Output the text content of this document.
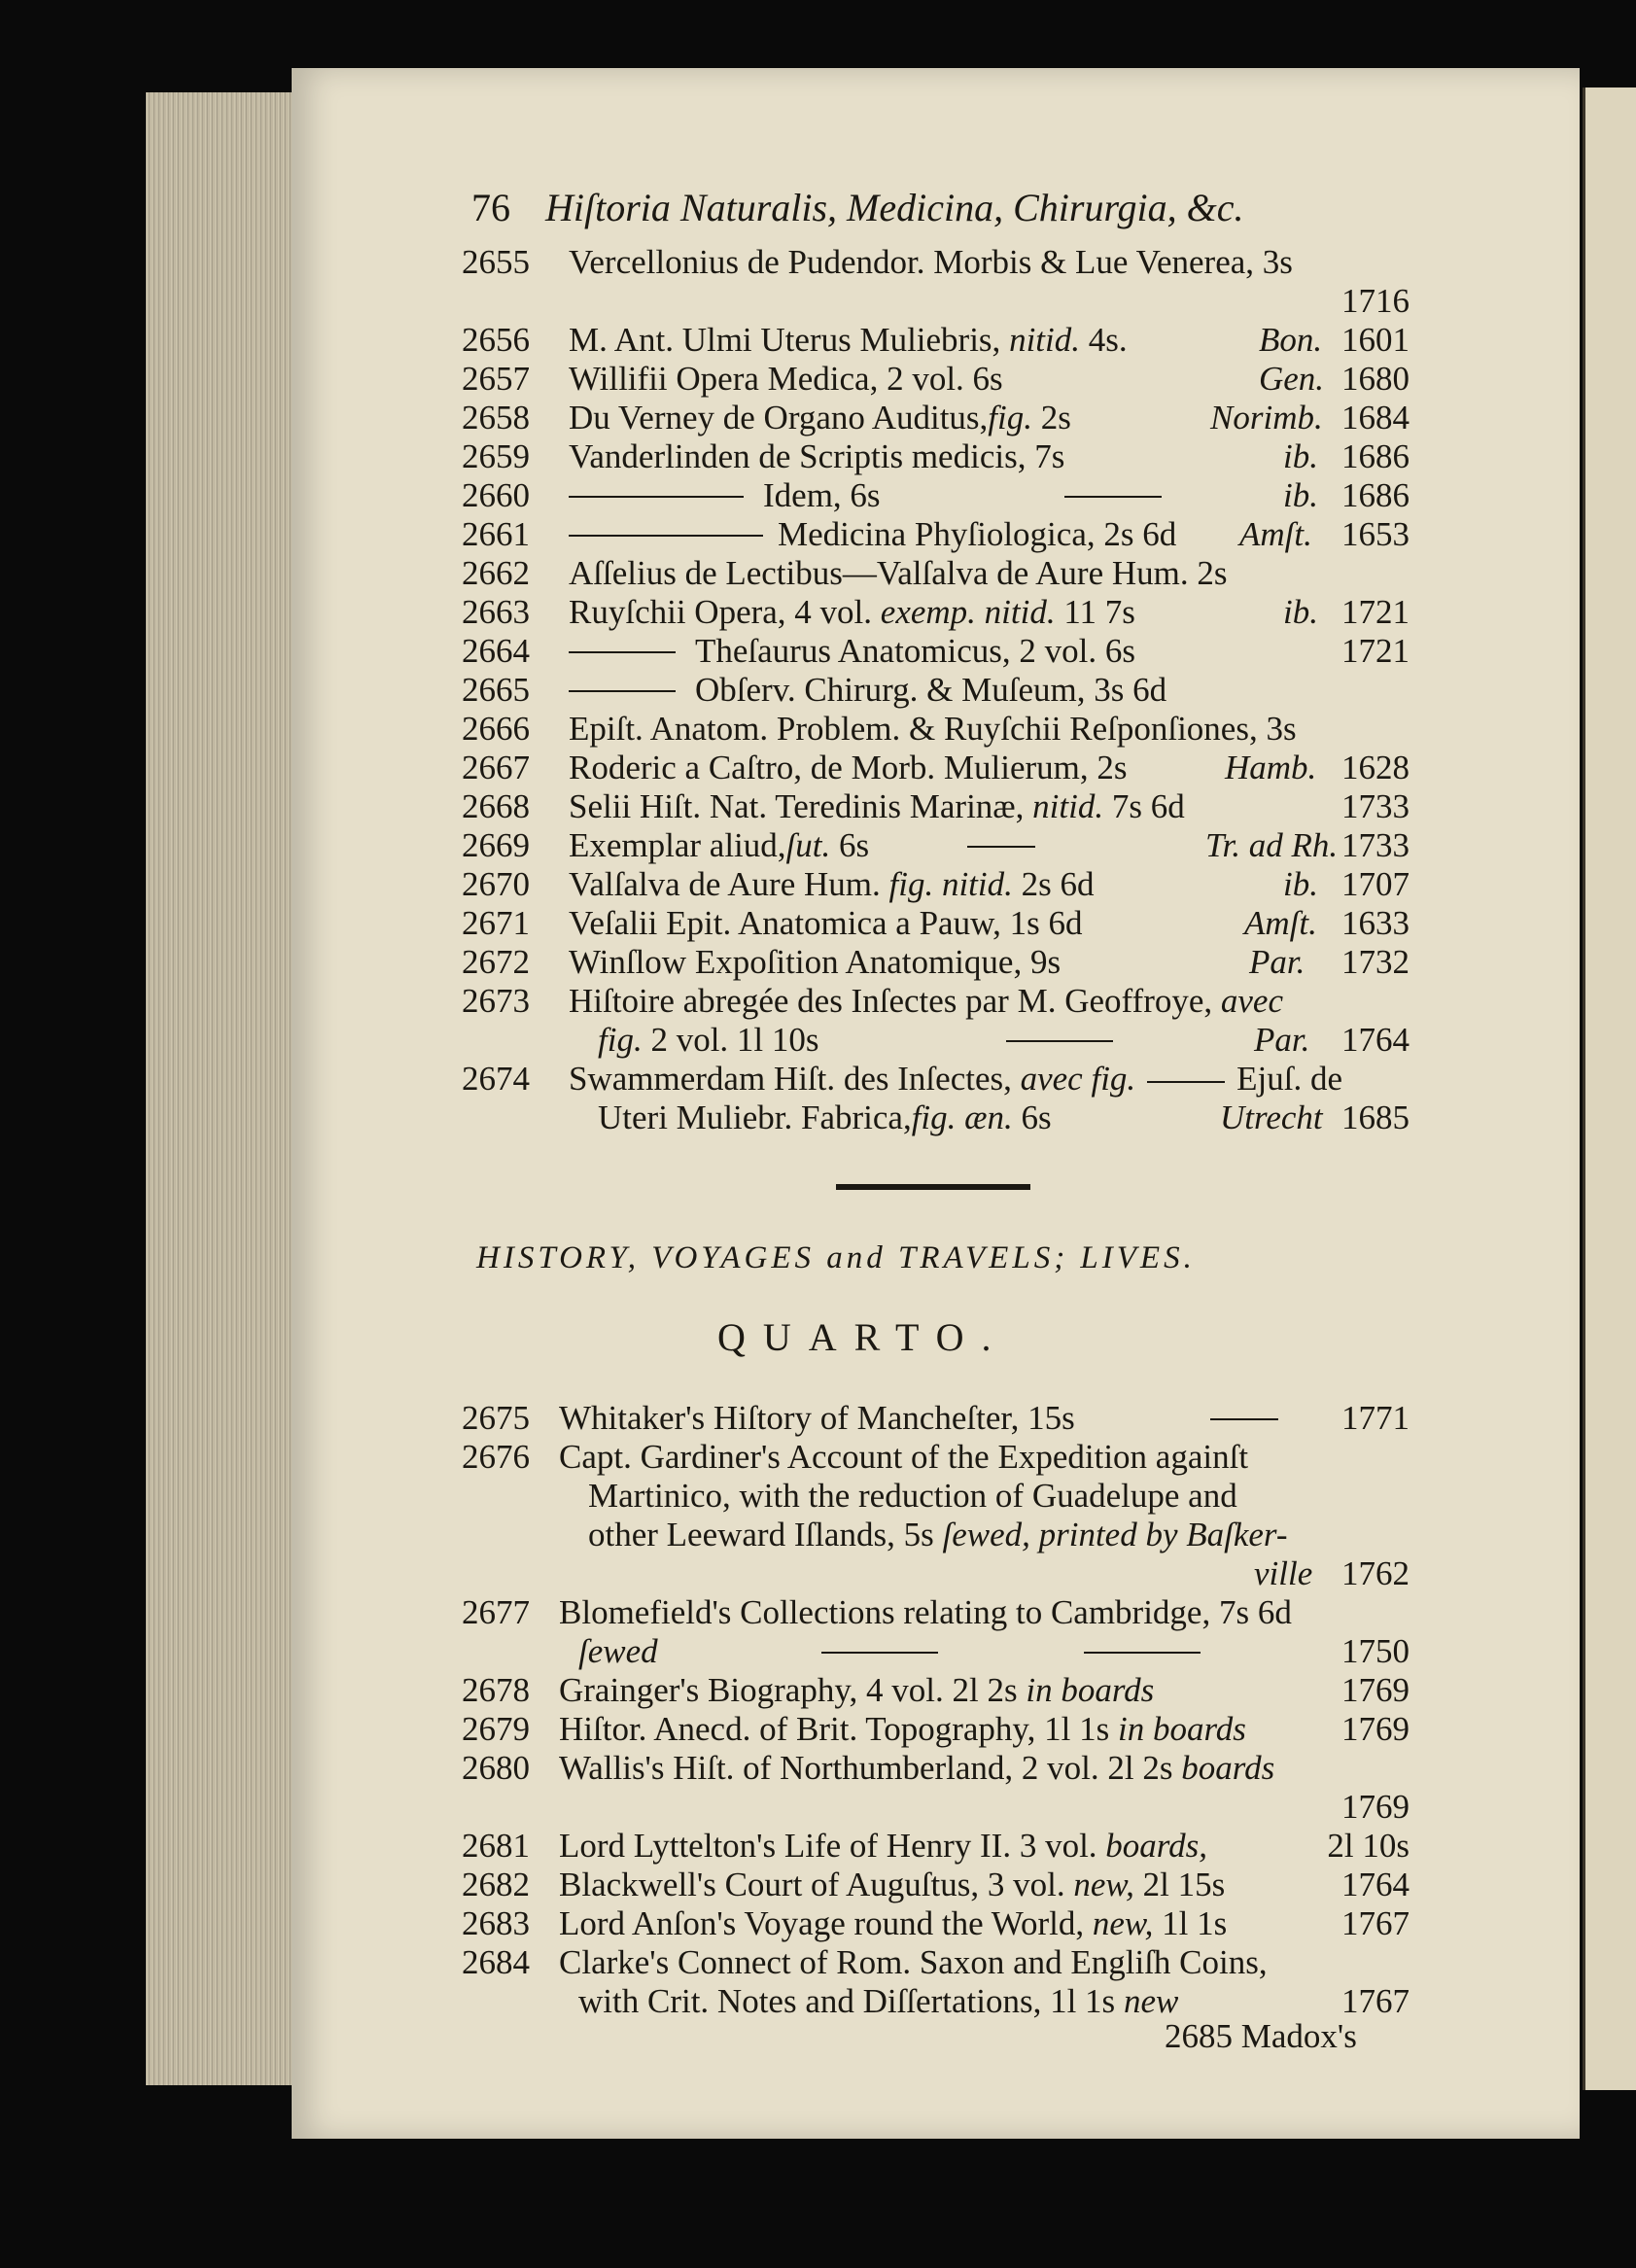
76 Hiſtoria Naturalis, Medicina, Chirurgia, &c.
2655 Vercellonius de Pudendor. Morbis & Lue Venerea, 3s
1716
2656 M. Ant. Ulmi Uterus Muliebris, nitid. 4s.	Bon. 1601
2657 Willifii Opera Medica, 2 vol. 6s	Gen. 1680
2658 Du Verney de Organo Auditus,fig. 2s	Norimb. 1684
2659 Vanderlinden de Scriptis medicis, 7s	ib. 1686
2660	Idem, 6s	ib. 1686
2661	Medicina Phyſiologica, 2s 6d Amſt. 1653
2662 Aſſelius de Lectibus—Valſalva de Aure Hum. 2s
2663 Ruyſchii Opera, 4 vol. exemp. nitid. 11 7s	ib. 1721
2664	Theſaurus Anatomicus, 2 vol. 6s	1721
2665	Obſerv. Chirurg. & Muſeum, 3s 6d
2666 Epiſt. Anatom. Problem. & Ruyſchii Reſponſiones, 3s
2667 Roderic a Caſtro, de Morb. Mulierum, 2s	Hamb. 1628
2668 Selii Hiſt. Nat. Teredinis Marinæ, nitid. 7s 6d	1733
2669 Exemplar aliud,ſut. 6s	Tr. ad Rh. 1733
2670 Valſalva de Aure Hum. fig. nitid. 2s 6d	ib. 1707
2671 Veſalii Epit. Anatomica a Pauw, 1s 6d	Amſt. 1633
2672 Winſlow Expoſition Anatomique, 9s	Par. 1732
2673 Hiſtoire abregée des Inſectes par M. Geoffroye, avec
fig. 2 vol. 1l 10s	Par. 1764
2674 Swammerdam Hiſt. des Inſectes, avec fig.	Ejuſ. de
Uteri Muliebr. Fabrica,fig. æn. 6s	Utrecht 1685
HISTORY, VOYAGES and TRAVELS; LIVES.
QUARTO.
2675 Whitaker's Hiſtory of Mancheſter, 15s	1771
2676 Capt. Gardiner's Account of the Expedition againſt
Martinico, with the reduction of Guadelupe and
other Leeward Iſlands, 5s ſewed, printed by Baſker-
ville 1762
2677 Blomefield's Collections relating to Cambridge, 7s 6d
ſewed	1750
2678 Grainger's Biography, 4 vol. 2l 2s in boards	1769
2679 Hiſtor. Anecd. of Brit. Topography, 1l 1s in boards	1769
2680 Wallis's Hiſt. of Northumberland, 2 vol. 2l 2s boards
1769
2681 Lord Lyttelton's Life of Henry II. 3 vol. boards,	2l 10s
2682 Blackwell's Court of Auguſtus, 3 vol. new, 2l 15s	1764
2683 Lord Anſon's Voyage round the World, new, 1l 1s	1767
2684 Clarke's Connect of Rom. Saxon and Engliſh Coins,
with Crit. Notes and Diſſertations, 1l 1s new	1767
2685 Madox's
